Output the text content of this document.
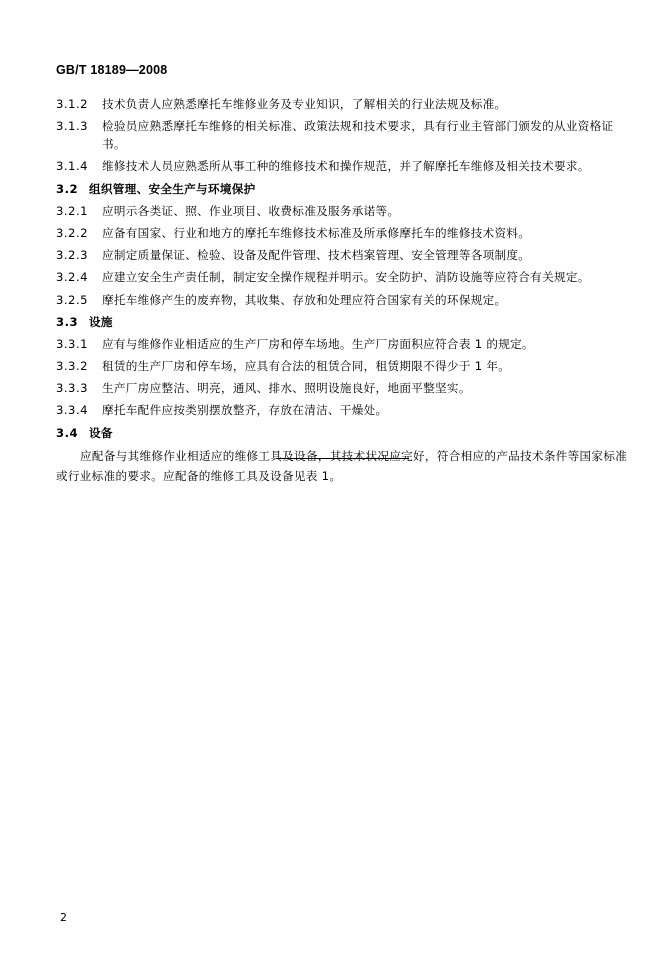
GB/T 18189—2008
3.1.2	技术负责人应熟悉摩托车维修业务及专业知识，了解相关的行业法规及标准。
3.1.3	检验员应熟悉摩托车维修的相关标准、政策法规和技术要求，具有行业主管部门颁发的从业资格证书。
3.1.4	维修技术人员应熟悉所从事工种的维修技术和操作规范，并了解摩托车维修及相关技术要求。
3.2 组织管理、安全生产与环境保护
3.2.1	应明示各类证、照、作业项目、收费标准及服务承诺等。
3.2.2	应备有国家、行业和地方的摩托车维修技术标准及所承修摩托车的维修技术资料。
3.2.3	应制定质量保证、检验、设备及配件管理、技术档案管理、安全管理等各项制度。
3.2.4	应建立安全生产责任制，制定安全操作规程并明示。安全防护、消防设施等应符合有关规定。
3.2.5	摩托车维修产生的废弃物，其收集、存放和处理应符合国家有关的环保规定。
3.3 设施
3.3.1	应有与维修作业相适应的生产厂房和停车场地。生产厂房面积应符合表 1 的规定。
3.3.2	租赁的生产厂房和停车场，应具有合法的租赁合同，租赁期限不得少于 1 年。
3.3.3	生产厂房应整洁、明亮，通风、排水、照明设施良好，地面平整坚实。
3.3.4	摩托车配件应按类别摆放整齐，存放在清洁、干燥处。
3.4 设备
应配备与其维修作业相适应的维修工具及设备，其技术状况应完好，符合相应的产品技术条件等国家标准或行业标准的要求。应配备的维修工具及设备见表 1。
2
